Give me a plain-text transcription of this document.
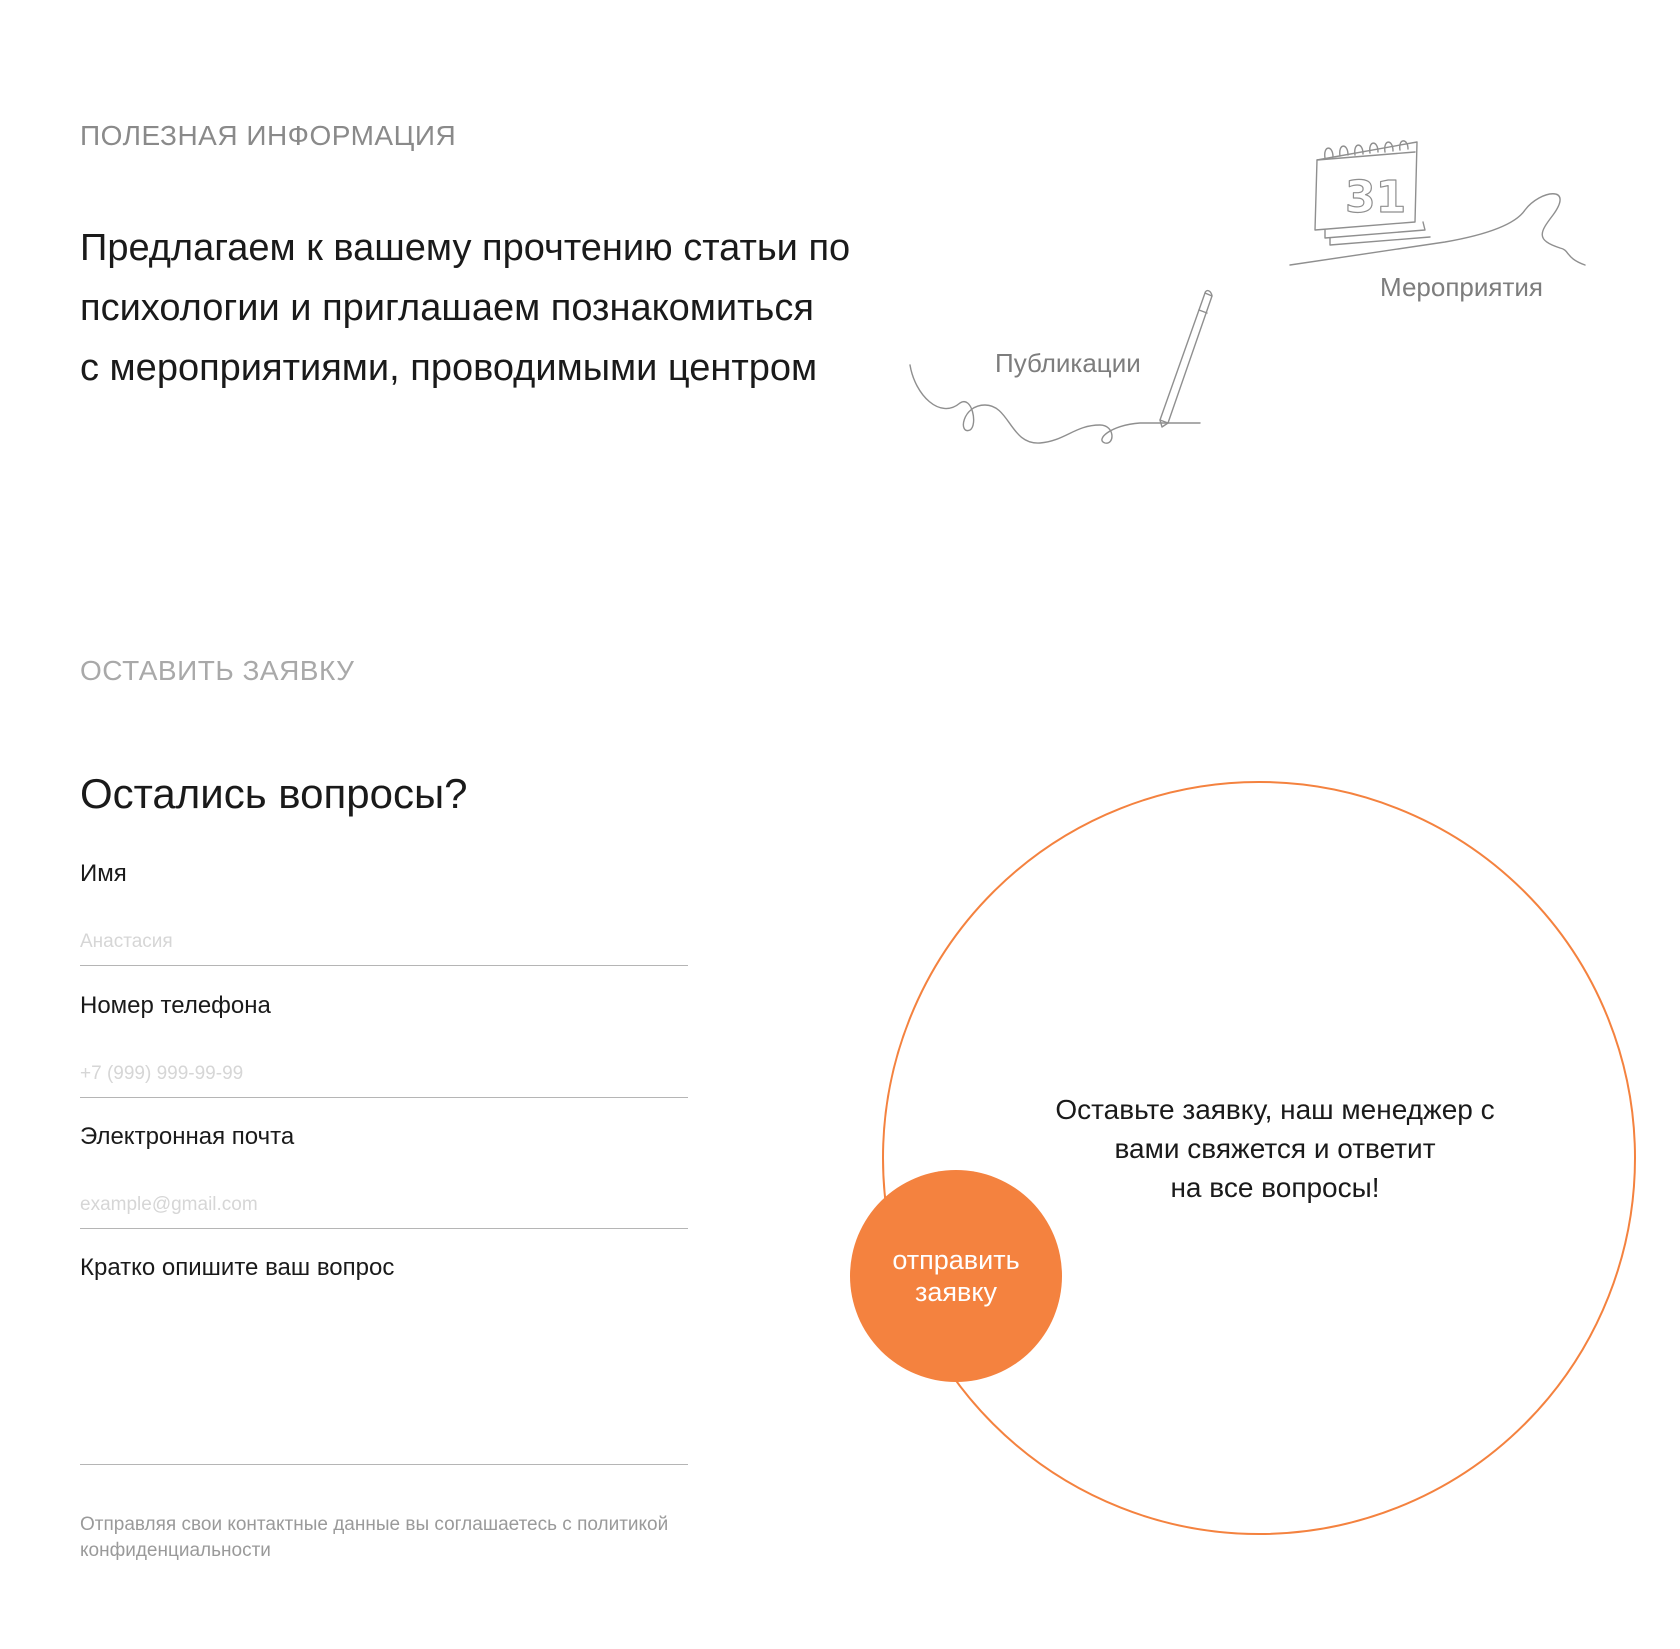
ПОЛЕЗНАЯ ИНФОРМАЦИЯ

Предлагаем к вашему прочтению статьи по
психологии и приглашаем познакомиться
с мероприятиями, проводимыми центром	Публикации
31
Мероприятия
ОСТАВИТЬ ЗАЯВКУ
Остались вопросы?
Имя
Анастасия
Номер телефона
+7 (999) 999-99-99
Электронная почта
example@gmail.com
Кратко опишите ваш вопрос

Отправляя свои контактные данные вы соглашаетесь с политикой
конфиденциальности

Оставьте заявку, наш менеджер с
вами свяжется и ответит
на все вопросы!

отправить
заявку
